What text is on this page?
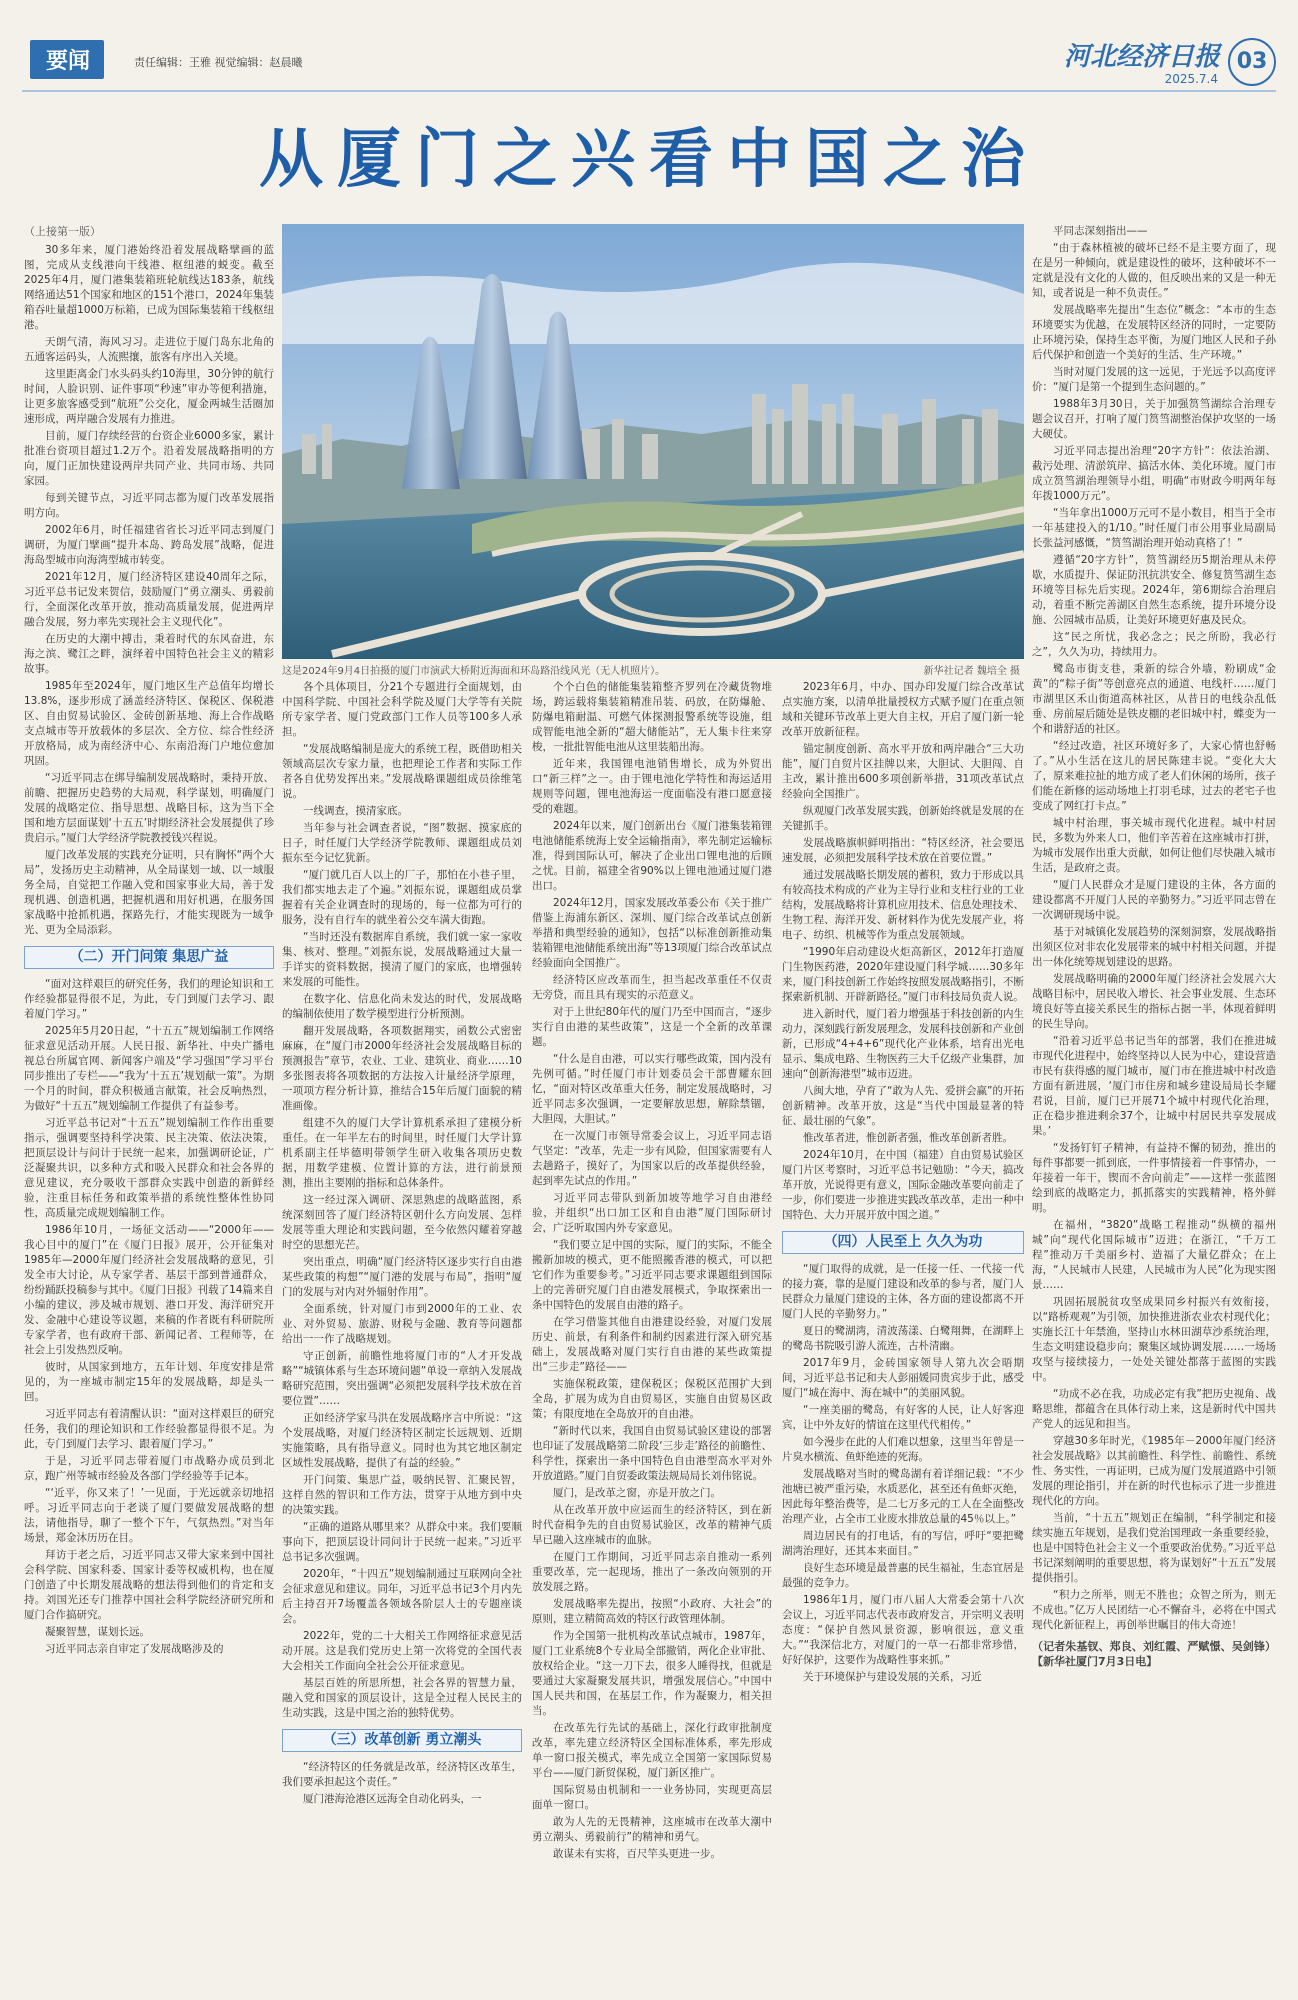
要闻	责任编辑：王雅 视觉编辑：赵晨曦	河北经济日报
2025.7.4
03
从厦门之兴看中国之治
（上接第一版）

30多年来，厦门港始终沿着发展战略擘画的蓝图，完成从支线港向干线港、枢纽港的蜕变。截至2025年4月，厦门港集装箱班轮航线达183条，航线网络通达51个国家和地区的151个港口，2024年集装箱吞吐量超1000万标箱，已成为国际集装箱干线枢纽港。

天朗气清，海风习习。走进位于厦门岛东北角的五通客运码头，人流熙攘，旅客有序出入关境。

这里距离金门水头码头约10海里，30分钟的航行时间，人脸识别、证件事项“秒速”审办等便利措施，让更多旅客感受到“航班”公交化，厦金两城生活圈加速形成，两岸融合发展有力推进。

目前，厦门存续经营的台资企业6000多家，累计批准台资项目超过1.2万个。沿着发展战略指明的方向，厦门正加快建设两岸共同产业、共同市场、共同家园。

每到关键节点，习近平同志都为厦门改革发展指明方向。

2002年6月，时任福建省省长习近平同志到厦门调研，为厦门擘画“提升本岛、跨岛发展”战略，促进海岛型城市向海湾型城市转变。

2021年12月，厦门经济特区建设40周年之际，习近平总书记发来贺信，鼓励厦门“勇立潮头、勇毅前行，全面深化改革开放，推动高质量发展，促进两岸融合发展，努力率先实现社会主义现代化”。

在历史的大潮中搏击，秉着时代的东风奋进，东海之滨、鹭江之畔，演绎着中国特色社会主义的精彩故事。

1985年至2024年，厦门地区生产总值年均增长13.8%，逐步形成了涵盖经济特区、保税区、保税港区、自由贸易试验区、金砖创新基地、海上合作战略支点城市等开放载体的多层次、全方位、综合性经济开放格局，成为南经济中心、东南沿海门户地位愈加巩固。

“习近平同志在绑导编制发展战略时，秉持开放、前瞻、把握历史趋势的大局观，科学谋划，明确厦门发展的战略定位、指导思想、战略目标，这为当下全国和地方层面谋划‘十五五’时期经济社会发展提供了珍贵启示。”厦门大学经济学院教授钱兴程说。

厦门改革发展的实践充分证明，只有胸怀“两个大局”，发扬历史主动精神，从全局谋划一域、以一域服务全局，自觉把工作融入党和国家事业大局，善于发现机遇、创造机遇，把握机遇和用好机遇，在服务国家战略中抢抓机遇，探路先行，才能实现既为一域争光、更为全局添彩。

（二）开门问策 集思广益

“面对这样艰巨的研究任务，我们的理论知识和工作经验都显得很不足，为此，专门到厦门去学习、跟着厦门学习。”

2025年5月20日起，“十五五”规划编制工作网络征求意见活动开展。人民日报、新华社、中央广播电视总台所属官网、新闻客户端及“学习强国”学习平台同步推出了专栏——“我为‘十五五’规划献一策”。为期一个月的时间，群众积极通言献策，社会反响热烈，为做好“十五五”规划编制工作提供了有益参考。

习近平总书记对“十五五”规划编制工作作出重要指示，强调要坚持科学决策、民主决策、依法决策，把顶层设计与问计于民统一起来，加强调研论证，广泛凝聚共识，以多种方式和吸入民群众和社会各界的意见建议，充分吸收干部群众实践中创造的新鲜经验，注重目标任务和政策举措的系统性整体性协同性，高质量完成规划编制工作。

1986年10月，一场征文活动——“2000年——我心目中的厦门”在《厦门日报》展开，公开征集对1985年—2000年厦门经济社会发展战略的意见，引发全市大讨论，从专家学者、基层干部到普通群众，纷纷踊跃投稿参与其中。《厦门日报》刊载了14篇来自小编的建议，涉及城市规划、港口开发、海洋研究开发、金融中心建设等议题，来稿的作者既有科研院所专家学者，也有政府干部、新闻记者、工程师等，在社会上引发热烈反响。

彼时，从国家到地方，五年计划、年度安排是常见的，为一座城市制定15年的发展战略，却是头一回。

习近平同志有着清醒认识：“面对这样艰巨的研究任务，我们的理论知识和工作经验都显得很不足。为此，专门到厦门去学习、跟着厦门学习。”

于是，习近平同志带着厦门市战略办成员到北京，跑广州等城市经验及各部门学经验等手记本。

“‘近平，你又来了！’一见面，于光远就亲切地招呼。习近平同志向于老谈了厦门要做发展战略的想法，请他指导，聊了一整个下午，气氛热烈。”对当年场景，郑金沐历历在目。

拜访于老之后，习近平同志又带大家来到中国社会科学院、国家科委、国家计委等权威机构，也在厦门创造了中长期发展战略的想法得到他们的肯定和支持。刘国光还专门推荐中国社会科学院经济研究所和厦门合作搞研究。

凝聚智慧，谋划长远。

习近平同志亲自审定了发展战略涉及的

这是2024年9月4日拍摄的厦门市演武大桥附近海面和环岛路沿线风光（无人机照片）。	新华社记者 魏培全 摄

各个具体项目，分21个专题进行全面规划，由中国科学院、中国社会科学院及厦门大学等有关院所专家学者、厦门党政部门工作人员等100多人承担。

“发展战略编制是庞大的系统工程，既借助相关领域高层次专家力量，也把理论工作者和实际工作者各自优势发挥出来。”发展战略课题组成员徐维笔说。

一线调查，摸清家底。

当年参与社会调查者说，“图”数据、摸家底的日子，时任厦门大学经济学院教师、课题组成员刘振东至今记忆犹新。

“厦门就几百人以上的厂子，那怕在小巷子里，我们都实地去走了个遍。”刘振东说，课题组成员掌握着有关企业调查时的现场的，每一位都为可行的服务，没有自行车的就坐着公交车满大街跑。

“当时还没有数据库自系统，我们就一家一家收集、核对、整理。”刘振东说，发展战略通过大量一手详实的资料数据，摸清了厦门的家底，也增强转来发展的可能性。

在数字化、信息化尚未发达的时代，发展战略的编制依使用了数学模型进行分析预测。

翻开发展战略，各项数据翔实，函数公式密密麻麻，在“厦门市2000年经济社会发展战略目标的预测报告”章节，农业、工业、建筑业、商业……10多张图表将各项数据的方法按入计量经济学原理，一项项方程分析计算，推结合15年后厦门面貌的精准画像。

组建不久的厦门大学计算机系承担了建模分析重任。在一年半左右的时间里，时任厦门大学计算机系副主任毕德明带领学生研入收集各项历史数据，用数学建模、位置计算的方法，进行前景预测，推出主要刚的指标和总体条件。

这一经过深入调研、深思熟虑的战略蓝图，系统深刻回答了厦门经济特区朝什么方向发展、怎样发展等重大理论和实践问题，至今依然闪耀着穿越时空的思想光芒。

突出重点，明确“厦门经济特区逐步实行自由港某些政策的构想”“厦门港的发展与布局”，指明“厦门的发展与对内对外辐射作用”。

全面系统，针对厦门市到2000年的工业、农业、对外贸易、旅游、财税与金融、教育等问题都给出一一作了战略规划。

守正创新，前瞻性地将厦门市的“人才开发战略”“城镇体系与生态环境问题”单设一章纳入发展战略研究范围，突出强调“必须把发展科学技术放在首要位置”……

正如经济学家马洪在发展战略序言中所说：“这个发展战略，对厦门经济特区制定长远规划、近期实施策略，具有指导意义。同时也为其它地区制定区域性发展战略，提供了有益的经验。”

开门问策、集思广益，吸纳民智、汇聚民智，这样自然的智识和工作方法，贯穿于从地方到中央的决策实践。

“正确的道路从哪里来？从群众中来。我们要顺事向下，把顶层设计同问计于民统一起来。”习近平总书记多次强调。

2020年，“十四五”规划编制通过互联网向全社会征求意见和建议。同年，习近平总书记3个月内先后主持召开7场覆盖各领域各阶层人士的专题座谈会。

2022年，党的二十大相关工作网络征求意见活动开展。这是我们党历史上第一次将党的全国代表大会相关工作面向全社会公开征求意见。

基层百姓的所思所想，社会各界的智慧力量，融入党和国家的顶层设计，这是全过程人民民主的生动实践，这是中国之治的独特优势。

（三）改革创新 勇立潮头

“经济特区的任务就是改革，经济特区改革生，我们要承担起这个责任。”

厦门港海沧港区远海全自动化码头，一

个个白色的储能集装箱整齐罗列在冷藏货物堆场，跨运载将集装箱精准吊装、码放，在防爆舱、防爆电箱耐温、可燃气体探测报警系统等设施，组成智能电池全新的“超大储能站”，无人集卡往来穿梭，一批批智能电池从这里装船出海。

近年来，我国锂电池销售增长，成为外贸出口“新三样”之一。由于锂电池化学特性和海运适用规则等问题，锂电池海运一度面临没有港口愿意接受的难题。

2024年以来，厦门创新出台《厦门港集装箱锂电池储能系统海上安全运输指南》，率先制定运输标准，得到国际认可，解决了企业出口锂电池的后顾之忧。目前，福建全省90%以上锂电池通过厦门港出口。

2024年12月，国家发展改革委公布《关于推广借鉴上海浦东新区、深圳、厦门综合改革试点创新举措和典型经验的通知》，包括“以标准创新推动集装箱锂电池储能系统出海”等13项厦门综合改革试点经验面向全国推广。

经济特区应改革而生，担当起改革重任不仅责无旁贷，而且具有现实的示范意义。

对于上世纪80年代的厦门乃至中国而言，“逐步实行自由港的某些政策”，这是一个全新的改革课题。

“什么是自由港，可以实行哪些政策，国内没有先例可循。”时任厦门市计划委员会干部曹耀东回忆，“面对特区改革重大任务，制定发展战略时，习近平同志多次强调，一定要解放思想，解除禁锢，大胆闯，大胆试。”

在一次厦门市领导常委会议上，习近平同志语气坚定：“改革，先走一步有风险，但国家需要有人去趟路子，摸好了，为国家以后的改革提供经验，起到率先试点的作用。”

习近平同志带队到新加坡等地学习自由港经验，并组织“出口加工区和自由港”厦门国际研讨会，广泛听取国内外专家意见。

“我们要立足中国的实际，厦门的实际，不能全搬新加坡的模式，更不能照搬香港的模式，可以把它们作为重要参考。”习近平同志要求课题组到国际上的完善研究厦门自由港发展模式，争取探索出一条中国特色的发展自由港的路子。

在学习借鉴其他自由港建设经验，对厦门发展历史、前景，有利条件和制约因素进行深入研究基础上，发展战略对厦门实行自由港的某些政策提出“三步走”路径——

实施保税政策，建保税区；保税区范围扩大到全岛，扩展为成为自由贸易区，实施自由贸易区政策；有限度地在全岛放开的自由港。

“新时代以来，我国自由贸易试验区建设的部署也印证了发展战略第二阶段‘三步走’路径的前瞻性、科学性，探索出一条中国特色自由港型高水平对外开放道路。”厦门自贸委政策法规局局长刘伟铭说。

厦门，是改革之窗，亦是开放之门。

从在改革开放中应运而生的经济特区，到在新时代奋楫争先的自由贸易试验区，改革的精神气质早已融入这座城市的血脉。

在厦门工作期间，习近平同志亲自推动一系列重要改革，完一起现场，推出了一条改向领别的开放发展之路。

发展战略率先提出，按照“小政府、大社会”的原则，建立精简高效的特区行政管理体制。

作为全国第一批机构改革试点城市，1987年，厦门工业系统8个专业局全部撤销，两化企业审批、放权给企业。“这一刀下去，很多人睡得找，但就是要通过大家凝聚发展共识，增强发展信心。”中国中国人民共和国，在基层工作，作为凝聚力，相关担当。

在改革先行先试的基础上，深化行政审批制度改革，率先建立经济特区全国标准体系，率先形成单一窗口报关模式，率先成立全国第一家国际贸易平台——厦门新贸保税，厦门新区推广。

国际贸易由机制和一一业务协同，实现更高层面单一窗口。

敢为人先的无畏精神，这座城市在改革大潮中勇立潮头、勇毅前行”的精神和勇气。

敢谋未有实将，百尺竿头更进一步。

2023年6月，中办、国办印发厦门综合改革试点实施方案，以清单批量授权方式赋予厦门在重点领域和关键环节改革上更大自主权，开启了厦门新一轮改革开放新征程。

锚定制度创新、高水平开放和两岸融合“三大功能”，厦门自贸片区挂牌以来，大胆试、大胆闯、自主改，累计推出600多项创新举措，31项改革试点经验向全国推广。

纵观厦门改革发展实践，创新始终就是发展的在关键抓手。

发展战略旗帜鲜明指出：“特区经济，社会要迅速发展，必须把发展科学技术放在首要位置。”

通过发展战略长期发展的蓄积，致力于形成以具有较高技术构成的产业为主导行业和支柱行业的工业结构，发展战略将计算机应用技术、信息处理技术、生物工程、海洋开发、新材料作为优先发展产业，将电子、纺织、机械等作为重点发展领域。

“1990年启动建设火炬高新区，2012年打造厦门生物医药港，2020年建设厦门科学城……30多年来，厦门科技创新工作始终按照发展战略指引，不断探索新机制、开辟新路径。”厦门市科技局负责人说。

进入新时代，厦门着力增强基于科技创新的内生动力，深刻践行新发展理念，发展科技创新和产业创新，已形成“4+4+6”现代化产业体系，培育出光电显示、集成电路、生物医药三大千亿级产业集群，加速向“创新海港型”城市迈进。

八闽大地，孕育了“敢为人先、爱拼会赢”的开拓创新精神。改革开放，这是“当代中国最显著的特征、最壮丽的气象”。

惟改革者进，惟创新者强，惟改革创新者胜。

2024年10月，在中国（福建）自由贸易试验区厦门片区考察时，习近平总书记勉励：“今天，搞改革开放，光说得更有意义，国际金融改革要向前走了一步，你们要进一步推进实践改革改革，走出一种中国特色、大力开展开放中国之道。”

（四）人民至上 久久为功

“厦门取得的成就，是一任接一任、一代接一代的接力赛，靠的是厦门建设和改革的参与者，厦门人民群众力量厦门建设的主体，各方面的建设都离不开厦门人民的辛勤努力。”

夏日的鹭湖湾，清波荡漾、白鹭翔舞，在湖畔上的鹭岛书院吸引游人流连，古朴清幽。

2017年9月，金砖国家领导人第九次会晤期间，习近平总书记和夫人彭丽媛同贵宾步于此，感受厦门“城在海中、海在城中”的美丽风貌。

“一座美丽的鹭岛，有好客的人民，让人好客迎宾，让中外友好的情谊在这里代代相传。”

如今漫步在此的人们难以想象，这里当年曾是一片臭水横流、鱼虾绝迹的死海。

发展战略对当时的鹭岛湖有着详细记载：“不少池塘已被严重污染，水质恶化，甚至还有鱼虾灭绝，因此每年整治费等，是二七万多元的工人在全面整改治理产业，占全市工业废水排放总量的45％以上。”

周边居民有的打电话，有的写信，呼吁“要把鹭湖湾治理好，还其本来面目。”

良好生态环境是最普惠的民生福祉，生态宜居是最强的竞争力。

1986年1月，厦门市八届人大常委会第十八次会议上，习近平同志代表市政府发言，开宗明义表明态度：“保护自然风景资源，影响很远，意义重大。”“我深信北方，对厦门的一草一石都非常珍惜，好好保护，这要作为战略性事来抓。”

关于环境保护与建设发展的关系，习近

平同志深刻指出——

“由于森林植被的破坏已经不是主要方面了，现在是另一种倾向，就是建设性的破坏，这种破坏不一定就是没有文化的人做的，但反映出来的又是一种无知，或者说是一种不负责任。”

发展战略率先提出“生态位”概念：“本市的生态环境要实为优越，在发展特区经济的同时，一定要防止环境污染，保持生态平衡，为厦门地区人民和子孙后代保护和创造一个美好的生活、生产环境。”

当时对厦门发展的这一远见，于光远予以高度评价：“厦门是第一个提到生态问题的。”

1988年3月30日，关于加强筼筜湖综合治理专题会议召开，打响了厦门筼筜湖整治保护攻坚的一场大硬仗。

习近平同志提出治理“20字方针”：依法治湖、截污处理、清淤筑岸、搞活水体、美化环境。厦门市成立筼筜湖治理领导小组，明确“市财政今明两年每年拨1000万元”。

“当年拿出1000万元可不是小数目，相当于全市一年基建投入的1/10。”时任厦门市公用事业局副局长张益河感慨，“筼筜湖治理开始动真格了！”

遵循“20字方针”，筼筜湖经历5期治理从未停歇，水质提升、保证防汛抗洪安全、修复筼筜湖生态环境等目标先后实现。2024年，第6期综合治理启动，着重不断完善湖区自然生态系统，提升环境分设施、公园城市品质，让美好环境更好惠及民众。

这“民之所忧，我必念之；民之所盼，我必行之”，久久为功，持续用力。

鹭岛市街支巷，秉新的综合外墙，粉刷成“金黄”的“粽子街”等创意亮点的通道、电线杆……厦门市湖里区禾山街道高林社区，从昔日的电线杂乱低垂、房前屋后随处是铁皮棚的老旧城中村，蝶变为一个和谐舒适的社区。

“经过改造，社区环境好多了，大家心情也舒畅了。”从小生活在这儿的居民陈建丰说。“变化大大了，原来难拉扯的地方成了老人们休闲的场所，孩子们能在新修的运动场地上打羽毛球，过去的老宅子也变成了网红打卡点。”

城中村治理，事关城市现代化进程。城中村居民，多数为外来人口，他们辛苦着在这座城市打拼，为城市发展作出重大贡献，如何让他们尽快融入城市生活，是政府之责。

“厦门人民群众才是厦门建设的主体，各方面的建设都离不开厦门人民的辛勤努力。”习近平同志曾在一次调研现场中说。

基于对城镇化发展趋势的深刻洞察，发展战略指出须区位对非农化发展带来的城中村相关问题，并提出一体化统筹规划建设的思路。

发展战略明确的2000年厦门经济社会发展六大战略目标中，居民收入增长、社会事业发展、生态环境良好等直接关系民生的指标占据一半，体现着鲜明的民生导向。

“沿着习近平总书记当年的部署，我们在推进城市现代化进程中，始终坚持以人民为中心，建设营造市民有获得感的厦门城市，厦门市在推进城中村改造方面有新进展，‘厦门市住房和城乡建设局局长李耀君说，目前，厦门已开展71个城中村现代化治理，正在稳步推进剩余37个，让城中村居民共享发展成果。’

“发扬钉钉子精神，有益持不懈的韧劲，推出的每件事都要一抓到底，一件事情接着一件事情办，一年接着一年干，锲而不舍向前走”——这样一张蓝图绘到底的战略定力，抓抓落实的实践精神，格外鲜明。

在福州，“3820”战略工程推动“纵横的福州城”向“现代化国际城市”迈进；在浙江，“千万工程”推动万千美丽乡村、造福了大量亿群众；在上海，“人民城市人民建，人民城市为人民”化为现实图景……

巩固拓展脱贫攻坚成果同乡村振兴有效衔接，以“路桥观观”为引领，加快推进浙农业农村现代化；实施长江十年禁渔，坚持山水林田湖草沙系统治理，生态文明建设稳步向；聚集区域协调发展……一场场攻坚与接续接力，一处处关键处都落于蓝图的实践中。

“功成不必在我，功成必定有我”把历史视角、战略思维，都蕴含在具体行动上来，这是新时代中国共产党人的远见和担当。

穿越30多年时光，《1985年－2000年厦门经济社会发展战略》以其前瞻性、科学性、前瞻性、系统性、务实性，一再证明，已成为厦门发展道路中引领发展的理论指引，并在新的时代也标示了进一步推进现代化的方向。

当前，“十五五”规划正在编制，“科学制定和接续实施五年规划，是我们党治国理政一条重要经验，也是中国特色社会主义一个重要政治优势。”习近平总书记深刻阐明的重要思想，将为谋划好“十五五”发展提供指引。

“积力之所举，则无不胜也；众智之所为，则无不成也。”亿万人民团结一心不懈奋斗，必将在中国式现代化新征程上，再创举世瞩目的伟大奇迹！

（记者朱基钗、郑良、刘红霞、严赋憬、吴剑锋）【新华社厦门7月3日电】
